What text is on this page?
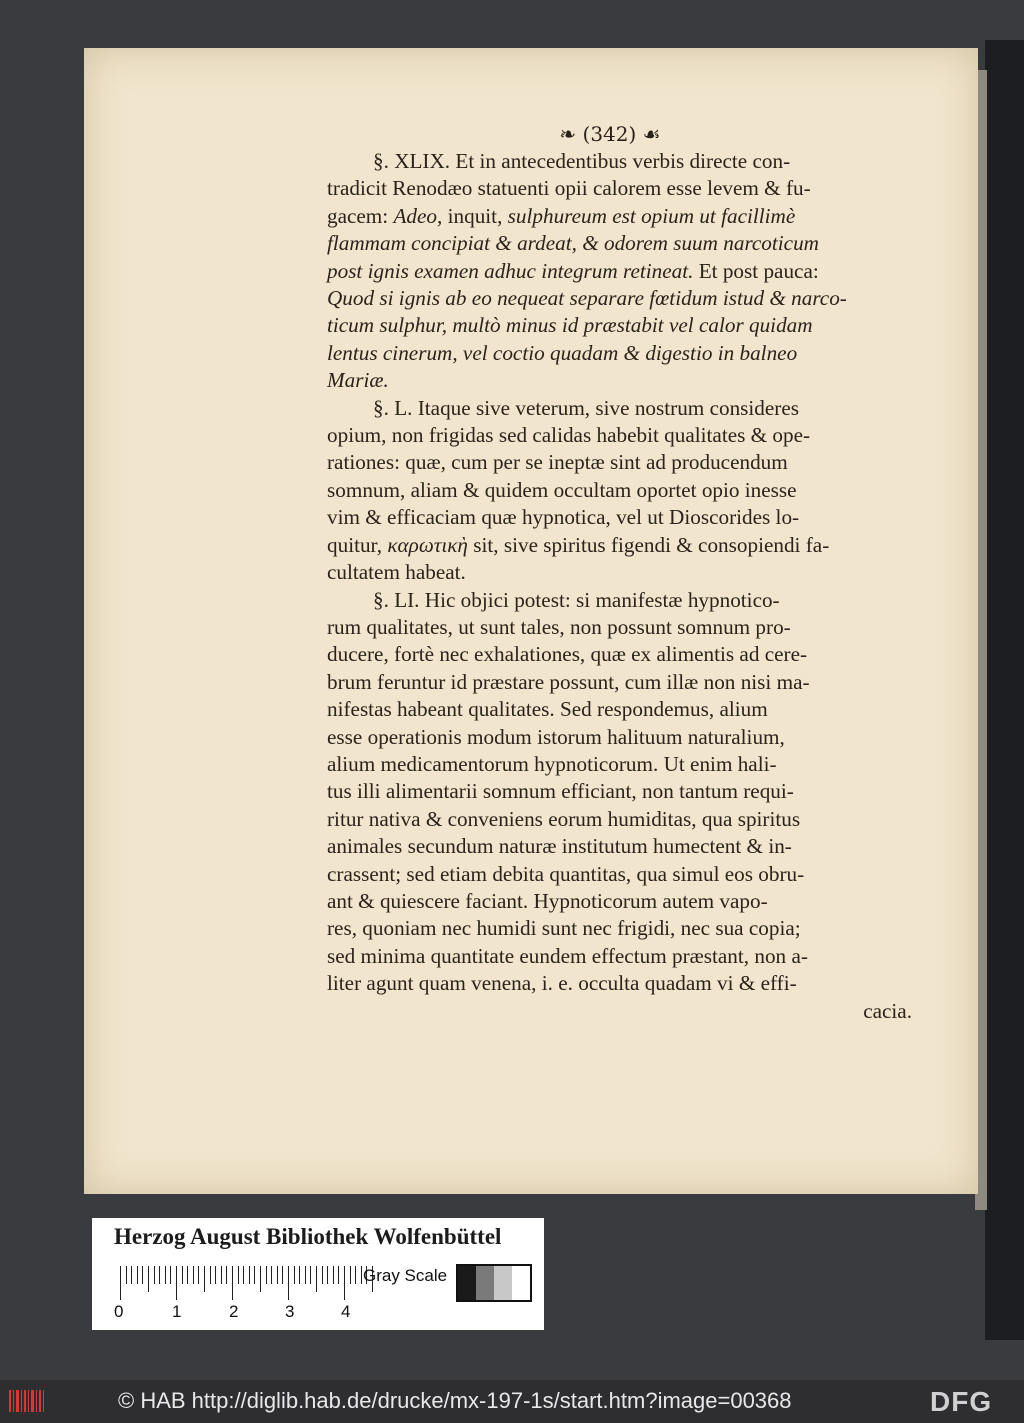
❧ (342) ☙

§. XLIX. Et in antecedentibus verbis directe con-

tradicit Renodæo statuenti opii calorem esse levem & fu-

gacem: Adeo, inquit, sulphureum est opium ut facillimè

flammam concipiat & ardeat, & odorem suum narcoticum

post ignis examen adhuc integrum retineat. Et post pauca:

Quod si ignis ab eo nequeat separare fœtidum istud & narco-

ticum sulphur, multò minus id præstabit vel calor quidam

lentus cinerum, vel coctio quadam & digestio in balneo

Mariæ.

§. L. Itaque sive veterum, sive nostrum consideres

opium, non frigidas sed calidas habebit qualitates & ope-

rationes: quæ, cum per se ineptæ sint ad producendum

somnum, aliam & quidem occultam oportet opio inesse

vim & efficaciam quæ hypnotica, vel ut Dioscorides lo-

quitur, καρωτικὴ sit, sive spiritus figendi & consopiendi fa-

cultatem habeat.

§. LI. Hic objici potest: si manifestæ hypnotico-

rum qualitates, ut sunt tales, non possunt somnum pro-

ducere, fortè nec exhalationes, quæ ex alimentis ad cere-

brum feruntur id præstare possunt, cum illæ non nisi ma-

nifestas habeant qualitates. Sed respondemus, alium

esse operationis modum istorum halituum naturalium,

alium medicamentorum hypnoticorum. Ut enim hali-

tus illi alimentarii somnum efficiant, non tantum requi-

ritur nativa & conveniens eorum humiditas, qua spiritus

animales secundum naturæ institutum humectent & in-

crassent; sed etiam debita quantitas, qua simul eos obru-

ant & quiescere faciant. Hypnoticorum autem vapo-

res, quoniam nec humidi sunt nec frigidi, nec sua copia;

sed minima quantitate eundem effectum præstant, non a-

liter agunt quam venena, i. e. occulta quadam vi & effi-

cacia.

Herzog August Bibliothek Wolfenbüttel
0	1	2	3	4
Gray Scale
© HAB http://diglib.hab.de/drucke/mx-197-1s/start.htm?image=00368	DFG
